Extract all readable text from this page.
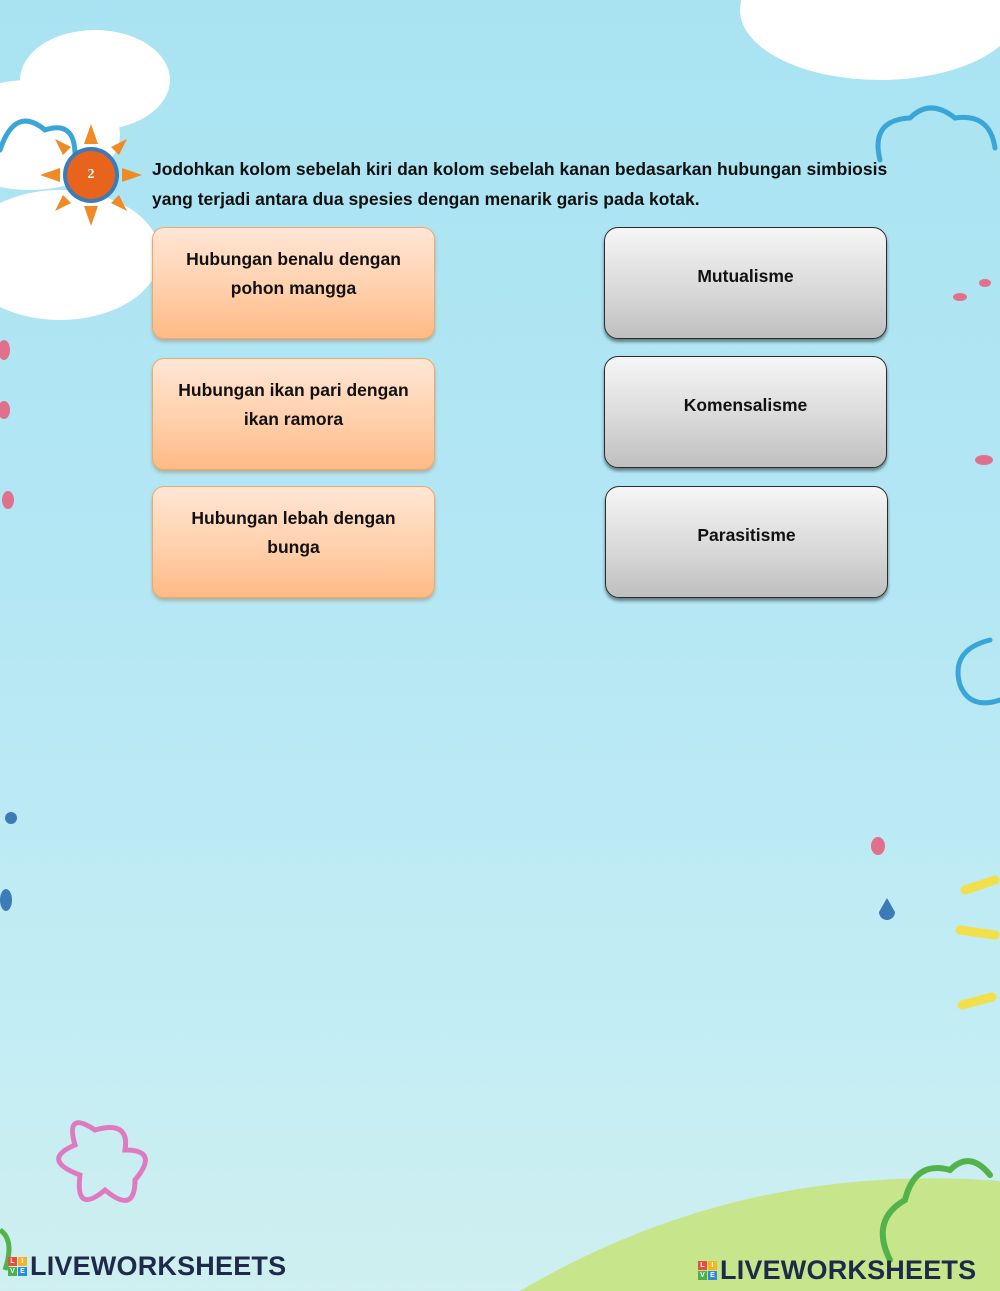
2	Jodohkan kolom sebelah kiri dan kolom sebelah kanan bedasarkan hubungan simbiosis yang terjadi antara dua spesies dengan menarik garis pada kotak.
Hubungan benalu dengan pohon mangga
Hubungan ikan pari dengan ikan ramora
Hubungan lebah dengan bunga
Mutualisme
Komensalisme
Parasitisme
L I
V E LIVEWORKSHEETS	L I
V E LIVEWORKSHEETS
